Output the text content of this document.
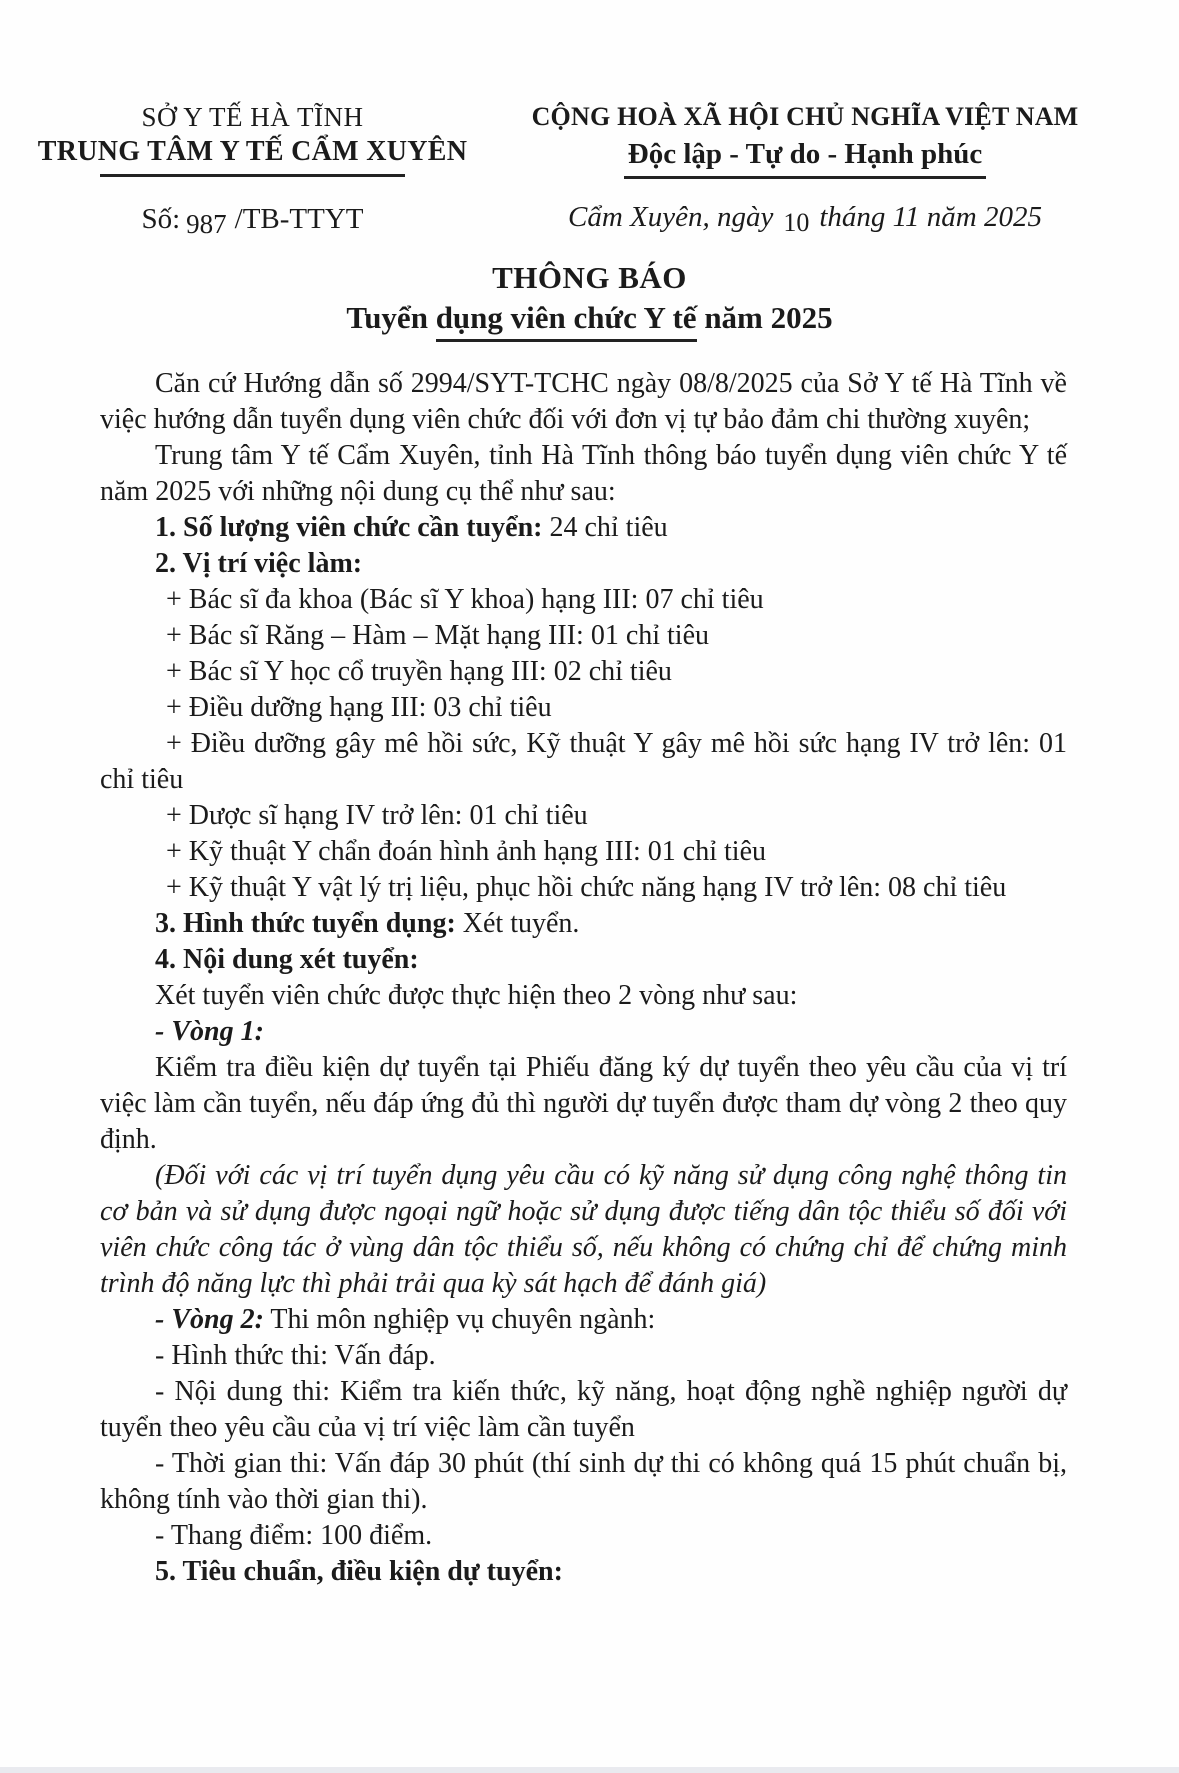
SỞ Y TẾ HÀ TĨNH
TRUNG TÂM Y TẾ CẨM XUYÊN
Số: 987 /TB-TTYT
CỘNG HOÀ XÃ HỘI CHỦ NGHĨA VIỆT NAM
Độc lập - Tự do - Hạnh phúc
Cẩm Xuyên, ngày 10 tháng 11 năm 2025
THÔNG BÁO
Tuyển dụng viên chức Y tế năm 2025

Căn cứ Hướng dẫn số 2994/SYT-TCHC ngày 08/8/2025 của Sở Y tế Hà Tĩnh về việc hướng dẫn tuyển dụng viên chức đối với đơn vị tự bảo đảm chi thường xuyên;

Trung tâm Y tế Cẩm Xuyên, tỉnh Hà Tĩnh thông báo tuyển dụng viên chức Y tế năm 2025 với những nội dung cụ thể như sau:

1. Số lượng viên chức cần tuyển: 24 chỉ tiêu

2. Vị trí việc làm:

+ Bác sĩ đa khoa (Bác sĩ Y khoa) hạng III: 07 chỉ tiêu

+ Bác sĩ Răng – Hàm – Mặt hạng III: 01 chỉ tiêu

+ Bác sĩ Y học cổ truyền hạng III: 02 chỉ tiêu

+ Điều dưỡng hạng III: 03 chỉ tiêu

+ Điều dưỡng gây mê hồi sức, Kỹ thuật Y gây mê hồi sức hạng IV trở lên: 01 chỉ tiêu

+ Dược sĩ hạng IV trở lên: 01 chỉ tiêu

+ Kỹ thuật Y chẩn đoán hình ảnh hạng III: 01 chỉ tiêu

+ Kỹ thuật Y vật lý trị liệu, phục hồi chức năng hạng IV trở lên: 08 chỉ tiêu

3. Hình thức tuyển dụng: Xét tuyển.

4. Nội dung xét tuyển:

Xét tuyển viên chức được thực hiện theo 2 vòng như sau:

- Vòng 1:

Kiểm tra điều kiện dự tuyển tại Phiếu đăng ký dự tuyển theo yêu cầu của vị trí việc làm cần tuyển, nếu đáp ứng đủ thì người dự tuyển được tham dự vòng 2 theo quy định.

(Đối với các vị trí tuyển dụng yêu cầu có kỹ năng sử dụng công nghệ thông tin cơ bản và sử dụng được ngoại ngữ hoặc sử dụng được tiếng dân tộc thiểu số đối với viên chức công tác ở vùng dân tộc thiểu số, nếu không có chứng chỉ để chứng minh trình độ năng lực thì phải trải qua kỳ sát hạch để đánh giá)

- Vòng 2: Thi môn nghiệp vụ chuyên ngành:

- Hình thức thi: Vấn đáp.

- Nội dung thi: Kiểm tra kiến thức, kỹ năng, hoạt động nghề nghiệp người dự tuyển theo yêu cầu của vị trí việc làm cần tuyển

- Thời gian thi: Vấn đáp 30 phút (thí sinh dự thi có không quá 15 phút chuẩn bị, không tính vào thời gian thi).

- Thang điểm: 100 điểm.

5. Tiêu chuẩn, điều kiện dự tuyển:
